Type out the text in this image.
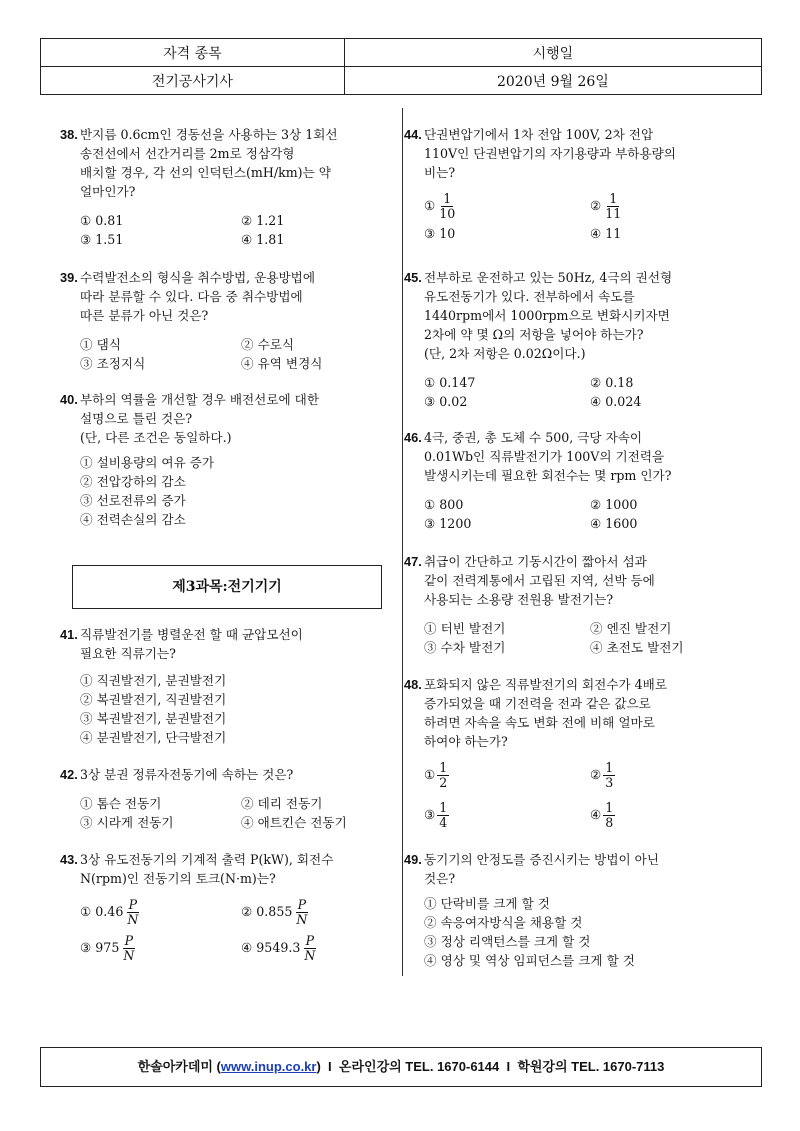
자격 종목	시행일
전기공사기사	2020년 9월 26일
38. 반지름 0.6cm인 경동선을 사용하는 3상 1회선
송전선에서 선간거리를 2m로 정삼각형
배치할 경우, 각 선의 인덕턴스(mH/km)는 약
얼마인가?
① 0.81	② 1.21
③ 1.51	④ 1.81
39. 수력발전소의 형식을 취수방법, 운용방법에
따라 분류할 수 있다. 다음 중 취수방법에
따른 분류가 아닌 것은?
① 댐식	② 수로식
③ 조정지식	④ 유역 변경식
40. 부하의 역률을 개선할 경우 배전선로에 대한
설명으로 틀린 것은?
(단, 다른 조건은 동일하다.)
① 설비용량의 여유 증가
② 전압강하의 감소
③ 선로전류의 증가
④ 전력손실의 감소
41. 직류발전기를 병렬운전 할 때 균압모선이
필요한 직류기는?
① 직권발전기, 분권발전기
② 복권발전기, 직권발전기
③ 복권발전기, 분권발전기
④ 분권발전기, 단극발전기
42. 3상 분권 정류자전동기에 속하는 것은?
① 톰슨 전동기	② 데리 전동기
③ 시라게 전동기	④ 애트킨슨 전동기
43. 3상 유도전동기의 기계적 출력 P(kW), 회전수
N(rpm)인 전동기의 토크(N·m)는?
① $0.46 \frac{P}{N}$	② $0.855 \frac{P}{N}$
③ $975 \frac{P}{N}$	④ $9549.3 \frac{P}{N}$
제3과목:전기기기
44. 단권변압기에서 1차 전압 100V, 2차 전압
110V인 단권변압기의 자기용량과 부하용량의
비는?
① $\frac{1}{10}$	② $\frac{1}{11}$
③ 10	④ 11
45. 전부하로 운전하고 있는 50Hz, 4극의 권선형
유도전동기가 있다. 전부하에서 속도를
1440rpm에서 1000rpm으로 변화시키자면
2차에 약 몇 Ω의 저항을 넣어야 하는가?
(단, 2차 저항은 0.02Ω이다.)
① 0.147	② 0.18
③ 0.02	④ 0.024
46. 4극, 중권, 총 도체 수 500, 극당 자속이
0.01Wb인 직류발전기가 100V의 기전력을
발생시키는데 필요한 회전수는 몇 rpm 인가?
① 800	② 1000
③ 1200	④ 1600
47. 취급이 간단하고 기동시간이 짧아서 섬과
같이 전력계통에서 고립된 지역, 선박 등에
사용되는 소용량 전원용 발전기는?
① 터빈 발전기	② 엔진 발전기
③ 수차 발전기	④ 초전도 발전기
48. 포화되지 않은 직류발전기의 회전수가 4배로
증가되었을 때 기전력을 전과 같은 값으로
하려면 자속을 속도 변화 전에 비해 얼마로
하여야 하는가?
① $\frac{1}{2}$	② $\frac{1}{3}$
③ $\frac{1}{4}$	④ $\frac{1}{8}$
49. 동기기의 안정도를 증진시키는 방법이 아닌
것은?
① 단락비를 크게 할 것
② 속응여자방식을 채용할 것
③ 정상 리액턴스를 크게 할 것
④ 영상 및 역상 임피던스를 크게 할 것
한솔아카데미 (www.inup.co.kr)  I  온라인강의 TEL. 1670-6144  I  학원강의 TEL. 1670-7113
